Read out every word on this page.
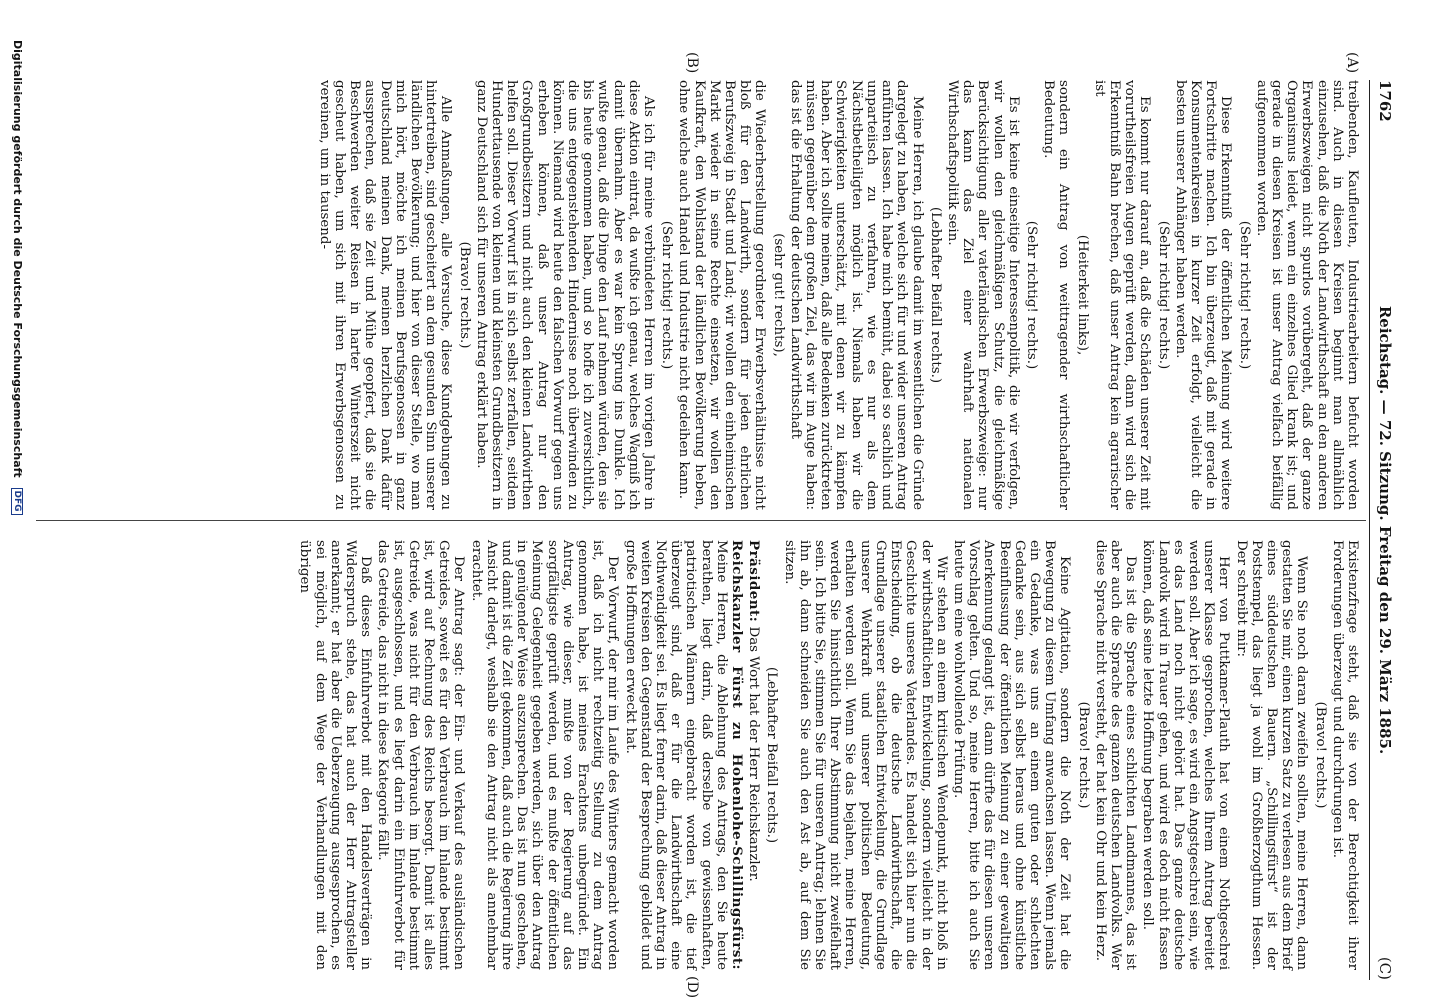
1762
Reichstag. — 72. Sitzung. Freitag den 29. März 1885.
(C)
(A)
(B)
(D)

treibenden, Kaufleuten, Industriearbeitern befucht worden sind. Auch in diesen Kreisen beginnt man allmählich einzusehen, daß die Noth der Landwirthschaft an den anderen Erwerbszweigen nicht spurlos vorübergeht, daß der ganze Organismus leidet, wenn ein einzelnes Glied krank ist; und gerade in diesen Kreisen ist unser Antrag vielfach beifällig aufgenommen worden.

(Sehr richtig! rechts.)

Diese Erkenntniß der öffentlichen Meinung wird weitere Fortschritte machen. Ich bin überzeugt, daß mit gerade in Konsumentenkreisen in kurzer Zeit erfolgt, vielleicht die besten unserer Anhänger haben werden.

(Sehr richtig! rechts.)

Es kommt nur darauf an, daß die Schäden unserer Zeit mit vorurtheilsfreien Augen geprüft werden, dann wird sich die Erkenntniß Bahn brechen, daß unser Antrag kein agrarischer ist

(Heiterkeit links),

sondern ein Antrag von weittragender wirthschaftlicher Bedeutung.

(Sehr richtig! rechts.)

Es ist keine einseitige Interessenpolitik, die wir verfolgen, wir wollen den gleichmäßigen Schutz, die gleichmäßige Berücksichtigung aller vaterländischen Erwerbszweige: nur das kann das Ziel einer wahrhaft nationalen Wirthschaftspolitik sein.

(Lebhafter Beifall rechts.)

Meine Herren, ich glaube damit im wesentlichen die Gründe dargelegt zu haben, welche sich für und wider unseren Antrag anführen lassen. Ich habe mich bemüht, dabei so sachlich und unparteiisch zu verfahren, wie es nur als dem Nächstbetheiligten möglich ist. Niemals haben wir die Schwierigkeiten unterschätzt, mit denen wir zu kämpfen haben. Aber ich sollte meinen, daß alle Bedenken zurücktreten müssen gegenüber dem großen Ziel, das wir im Auge haben: das ist die Erhaltung der deutschen Landwirthschaft

(sehr gut! rechts),

die Wiederherstellung geordneter Erwerbsverhältnisse nicht bloß für den Landwirth, sondern für jeden ehrlichen Berufszweig in Stadt und Land; wir wollen den einheimischen Markt wieder in seine Rechte einsetzen, wir wollen den Kaufkraft, den Wohlstand der ländlichen Bevölkerung heben, ohne welche auch Handel und Industrie nicht gedeihen kann.

(Sehr richtig! rechts.)

Als ich für meine verbündeten Herren im vorigen Jahre in diese Aktion eintrat, da wußte ich genau, welches Wagniß ich damit übernahm. Aber es war kein Sprung ins Dunkle. Ich wußte genau, daß die Dinge den Lauf nehmen würden, den sie bis heute genommen haben, und so hoffe ich zuversichtlich, die uns entgegenstehenden Hindernisse noch überwinden zu können. Niemand wird heute den falschen Vorwurf gegen uns erheben können, daß unser Antrag nur den Großgrundbesitzern und nicht auch den kleinen Landwirthen helfen soll. Dieser Vorwurf ist in sich selbst zerfallen, seitdem Hunderttausende von kleinen und kleinsten Grundbesitzern in ganz Deutschland sich für unseren Antrag erklärt haben.

(Bravo! rechts.)

Alle Anmaßungen, alle Versuche, diese Kundgebungen zu hintertreiben, sind gescheitert an dem gesunden Sinn unserer ländlichen Bevölkerung; und hier von dieser Stelle, wo man mich hört, möchte ich meinen Berufsgenossen in ganz Deutschland meinen Dank, meinen herzlichen Dank dafür aussprechen, daß sie Zeit und Mühe geopfert, daß sie die Beschwerden weiter Reisen in harter Winterszeit nicht gescheut haben, um sich mit ihren Erwerbsgenossen zu vereinen, um in tausend-

Existenzfrage steht, daß sie von der Berechtigkeit ihrer Forderungen überzeugt und durchdrungen ist.

(Bravo! rechts.)

Wenn Sie noch daran zweifeln sollten, meine Herren, dann gestatten Sie mir, einen kurzen Satz zu verlesen aus dem Brief eines süddeutschen Bauern. „Schillingsfürst“ ist der Poststempel, das liegt ja wohl im Großherzogthum Hessen. Der schreibt mir:

Herr von Puttkamer-Plauth hat von einem Nothgeschrei unserer Klasse gesprochen, welches Ihrem Antrag bereitet werden soll. Aber ich sage, es wird ein Angstgeschrei sein, wie es das Land noch nicht gehört hat. Das ganze deutsche Landvolk wird in Trauer gehen, und wird es doch nicht fassen können, daß seine letzte Hoffnung begraben werden soll.

Das ist die Sprache eines schlichten Landmannes, das ist aber auch die Sprache des ganzen deutschen Landvolks. Wer diese Sprache nicht versteht, der hat kein Ohr und kein Herz.

(Bravo! rechts.)

Keine Agitation, sondern die Noth der Zeit hat die Bewegung zu diesem Umfang anwachsen lassen. Wenn jemals ein Gedanke, was uns an einem guten oder schlechten Gedanke sein, aus sich selbst heraus und ohne künstliche Beeinflussung der öffentlichen Meinung zu einer gewaltigen Anerkennung gelangt ist, dann dürfte das für diesen unseren Vorschlag gelten. Und so, meine Herren, bitte ich auch Sie heute um eine wohlwollende Prüfung.

Wir stehen an einem kritischen Wendepunkt, nicht bloß in der wirthschaftlichen Entwickelung, sondern vielleicht in der Geschichte unseres Vaterlandes. Es handelt sich hier nun die Entscheidung, ob die deutsche Landwirthschaft, die Grundlage unserer staatlichen Entwickelung, die Grundlage unserer Wehrkraft und unserer politischen Bedeutung, erhalten werden soll. Wenn Sie das bejahen, meine Herren, werden Sie hinsichtlich Ihrer Abstimmung nicht zweifelhaft sein. Ich bitte Sie, stimmen Sie für unseren Antrag; lehnen Sie ihn ab, dann schneiden Sie auch den Ast ab, auf dem Sie sitzen.

(Lebhafter Beifall rechts.)

Präsident: Das Wort hat der Herr Reichskanzler.

Reichskanzler Fürst zu Hohenlohe-Schillingsfürst: Meine Herren, die Ablehnung des Antrags, den Sie heute berathen, liegt darin, daß derselbe von gewissenhaften, patriotischen Männern eingebracht worden ist, die tief überzeugt sind, daß er für die Landwirthschaft eine Nothwendigkeit sei. Es liegt ferner darin, daß dieser Antrag in weiten Kreisen den Gegenstand der Besprechung gebildet und große Hoffnungen erweckt hat.

Der Vorwurf, der mir im Laufe des Winters gemacht worden ist, daß ich nicht rechtzeitig Stellung zu dem Antrag genommen habe, ist meines Erachtens unbegründet. Ein Antrag, wie dieser, mußte von der Regierung auf das sorgfältigste geprüft werden, und es mußte der öffentlichen Meinung Gelegenheit gegeben werden, sich über den Antrag in genügender Weise auszusprechen. Das ist nun geschehen, und damit ist die Zeit gekommen, daß auch die Regierung ihre Ansicht darlegt, weshalb sie den Antrag nicht als annehmbar erachtet.

Der Antrag sagt: der Ein- und Verkauf des ausländischen Getreides, soweit es für den Verbrauch im Inlande bestimmt ist, wird auf Rechnung des Reichs besorgt. Damit ist alles Getreide, was nicht für den Verbrauch im Inlande bestimmt ist, ausgeschlossen, und es liegt darin ein Einfuhrverbot für das Getreide, das nicht in diese Kategorie fällt.

Daß dieses Einfuhrverbot mit den Handelsverträgen in Widerspruch stehe, das hat auch der Herr Antragsteller anerkannt; er hat aber die Ueberzeugung ausgesprochen, es sei möglich, auf dem Wege der Verhandlungen mit den übrigen

Digitalisierung gefördert durch die Deutsche Forschungsgemeinschaft DFG
